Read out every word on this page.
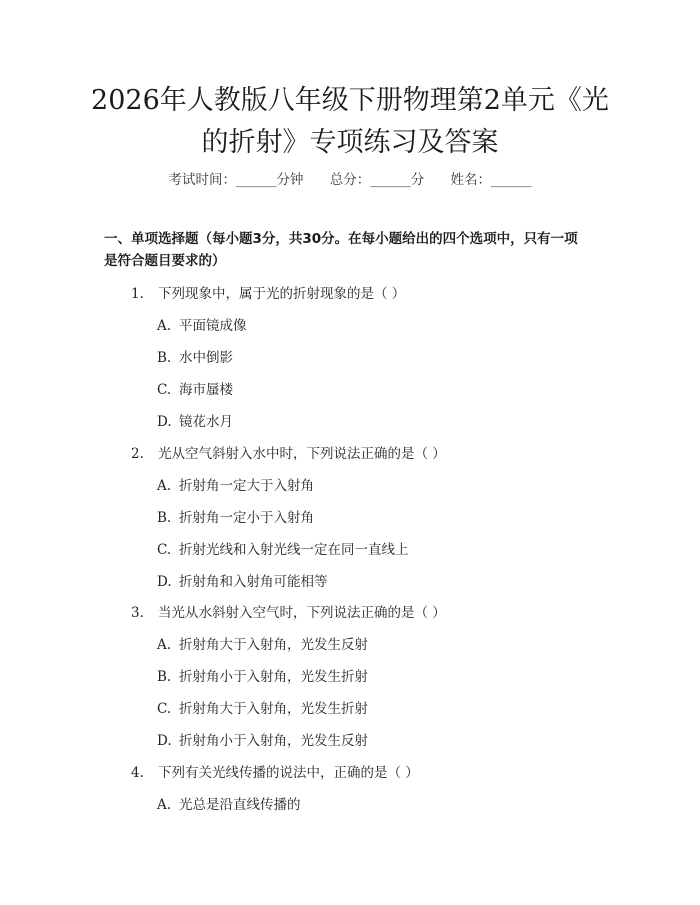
2026年人教版八年级下册物理第2单元《光
的折射》专项练习及答案
考试时间：______分钟 总分：______分 姓名：______
一、单项选择题（每小题3分，共30分。在每小题给出的四个选项中，只有一项
是符合题目要求的）
1. 下列现象中，属于光的折射现象的是（ ）
A. 平面镜成像
B. 水中倒影
C. 海市蜃楼
D. 镜花水月
2. 光从空气斜射入水中时，下列说法正确的是（ ）
A. 折射角一定大于入射角
B. 折射角一定小于入射角
C. 折射光线和入射光线一定在同一直线上
D. 折射角和入射角可能相等
3. 当光从水斜射入空气时，下列说法正确的是（ ）
A. 折射角大于入射角，光发生反射
B. 折射角小于入射角，光发生折射
C. 折射角大于入射角，光发生折射
D. 折射角小于入射角，光发生反射
4. 下列有关光线传播的说法中，正确的是（ ）
A. 光总是沿直线传播的
